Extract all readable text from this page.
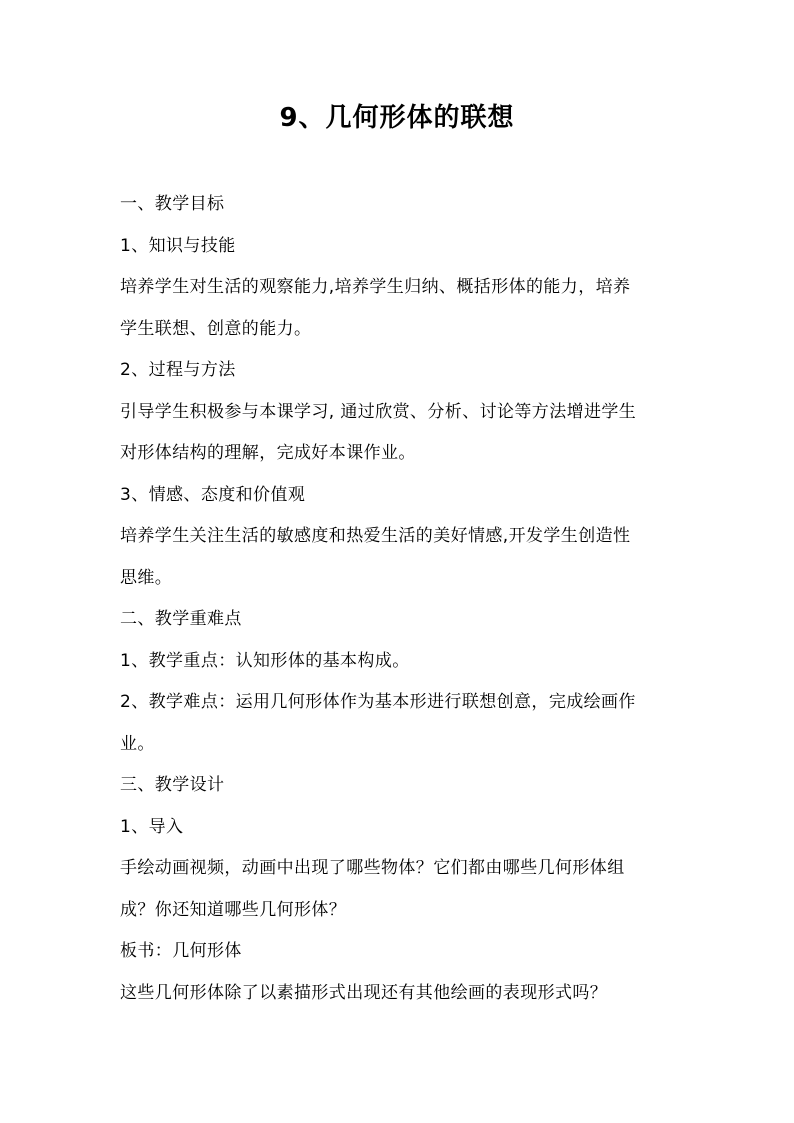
9、几何形体的联想

一、教学目标

1、知识与技能

培养学生对生活的观察能力,培养学生归纳、概括形体的能力，培养

学生联想、创意的能力。

2、过程与方法

引导学生积极参与本课学习, 通过欣赏、分析、讨论等方法增进学生

对形体结构的理解，完成好本课作业。

3、情感、态度和价值观

培养学生关注生活的敏感度和热爱生活的美好情感,开发学生创造性

思维。

二、教学重难点

1、教学重点：认知形体的基本构成。

2、教学难点：运用几何形体作为基本形进行联想创意，完成绘画作

业。

三、教学设计

1、导入

手绘动画视频，动画中出现了哪些物体？它们都由哪些几何形体组

成？你还知道哪些几何形体？

板书：几何形体

这些几何形体除了以素描形式出现还有其他绘画的表现形式吗？
